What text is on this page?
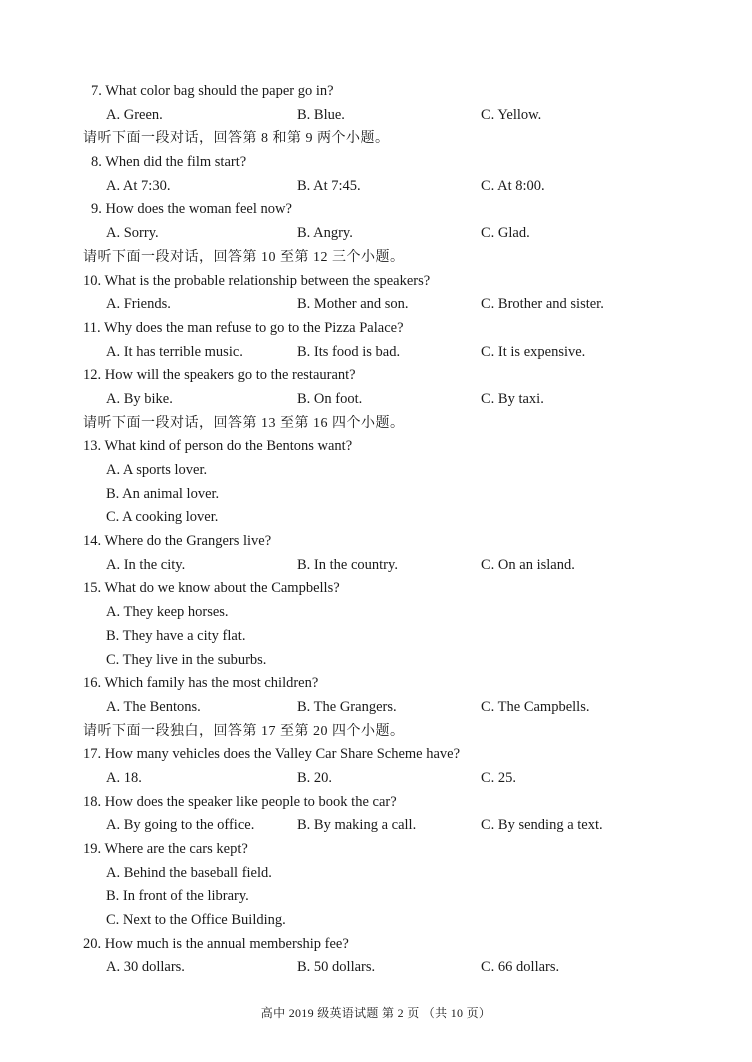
7. What color bag should the paper go in?
A. Green.	B. Blue.	C. Yellow.
请听下面一段对话，回答第 8 和第 9 两个小题。
8. When did the film start?
A. At 7:30.	B. At 7:45.	C. At 8:00.
9. How does the woman feel now?
A. Sorry.	B. Angry.	C. Glad.
请听下面一段对话，回答第 10 至第 12 三个小题。
10. What is the probable relationship between the speakers?
A. Friends.	B. Mother and son.	C. Brother and sister.
11. Why does the man refuse to go to the Pizza Palace?
A. It has terrible music.	B. Its food is bad.	C. It is expensive.
12. How will the speakers go to the restaurant?
A. By bike.	B. On foot.	C. By taxi.
请听下面一段对话，回答第 13 至第 16 四个小题。
13. What kind of person do the Bentons want?
A. A sports lover.
B. An animal lover.
C. A cooking lover.
14. Where do the Grangers live?
A. In the city.	B. In the country.	C. On an island.
15. What do we know about the Campbells?
A. They keep horses.
B. They have a city flat.
C. They live in the suburbs.
16. Which family has the most children?
A. The Bentons.	B. The Grangers.	C. The Campbells.
请听下面一段独白，回答第 17 至第 20 四个小题。
17. How many vehicles does the Valley Car Share Scheme have?
A. 18.	B. 20.	C. 25.
18. How does the speaker like people to book the car?
A. By going to the office.	B. By making a call.	C. By sending a text.
19. Where are the cars kept?
A. Behind the baseball field.
B. In front of the library.
C. Next to the Office Building.
20. How much is the annual membership fee?
A. 30 dollars.	B. 50 dollars.	C. 66 dollars.
高中 2019 级英语试题 第 2 页 （共 10 页）
